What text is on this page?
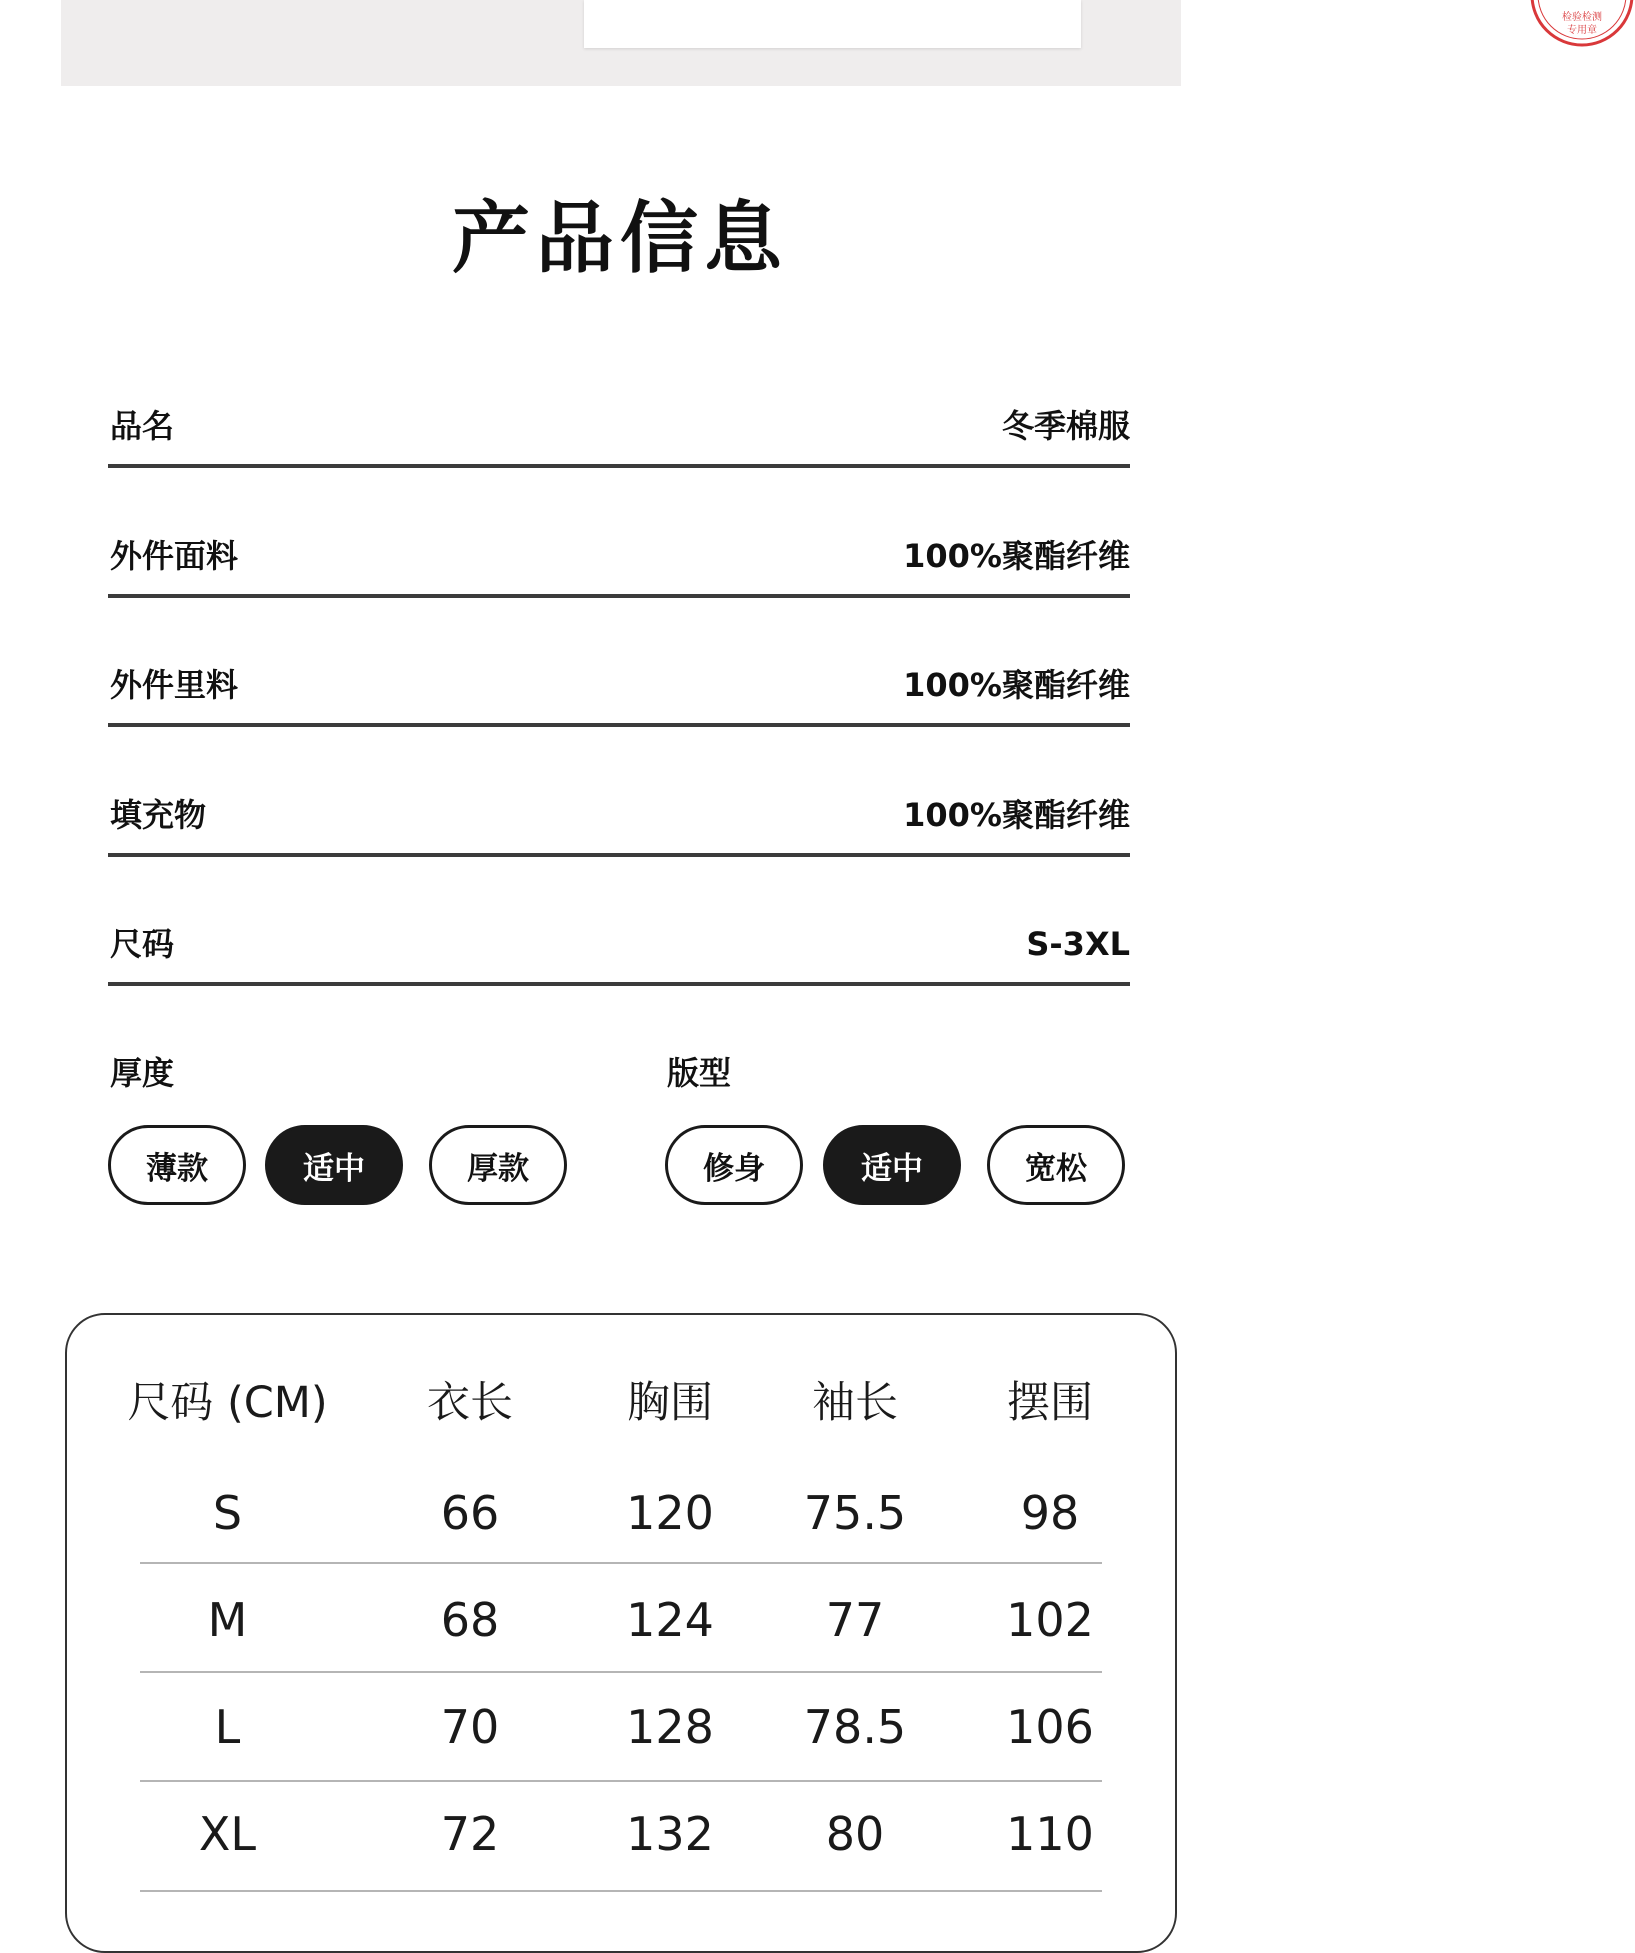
检验检测
专用章
产品信息
品名	冬季棉服
外件面料	100%聚酯纤维
外件里料	100%聚酯纤维
填充物	100%聚酯纤维
尺码	S-3XL
厚度
薄款	适中	厚款
版型
修身	适中	宽松
尺码 (CM)	衣长	胸围	袖长	摆围
S	66	120	75.5	98
M	68	124	77	102
L	70	128	78.5	106
XL	72	132	80	110
